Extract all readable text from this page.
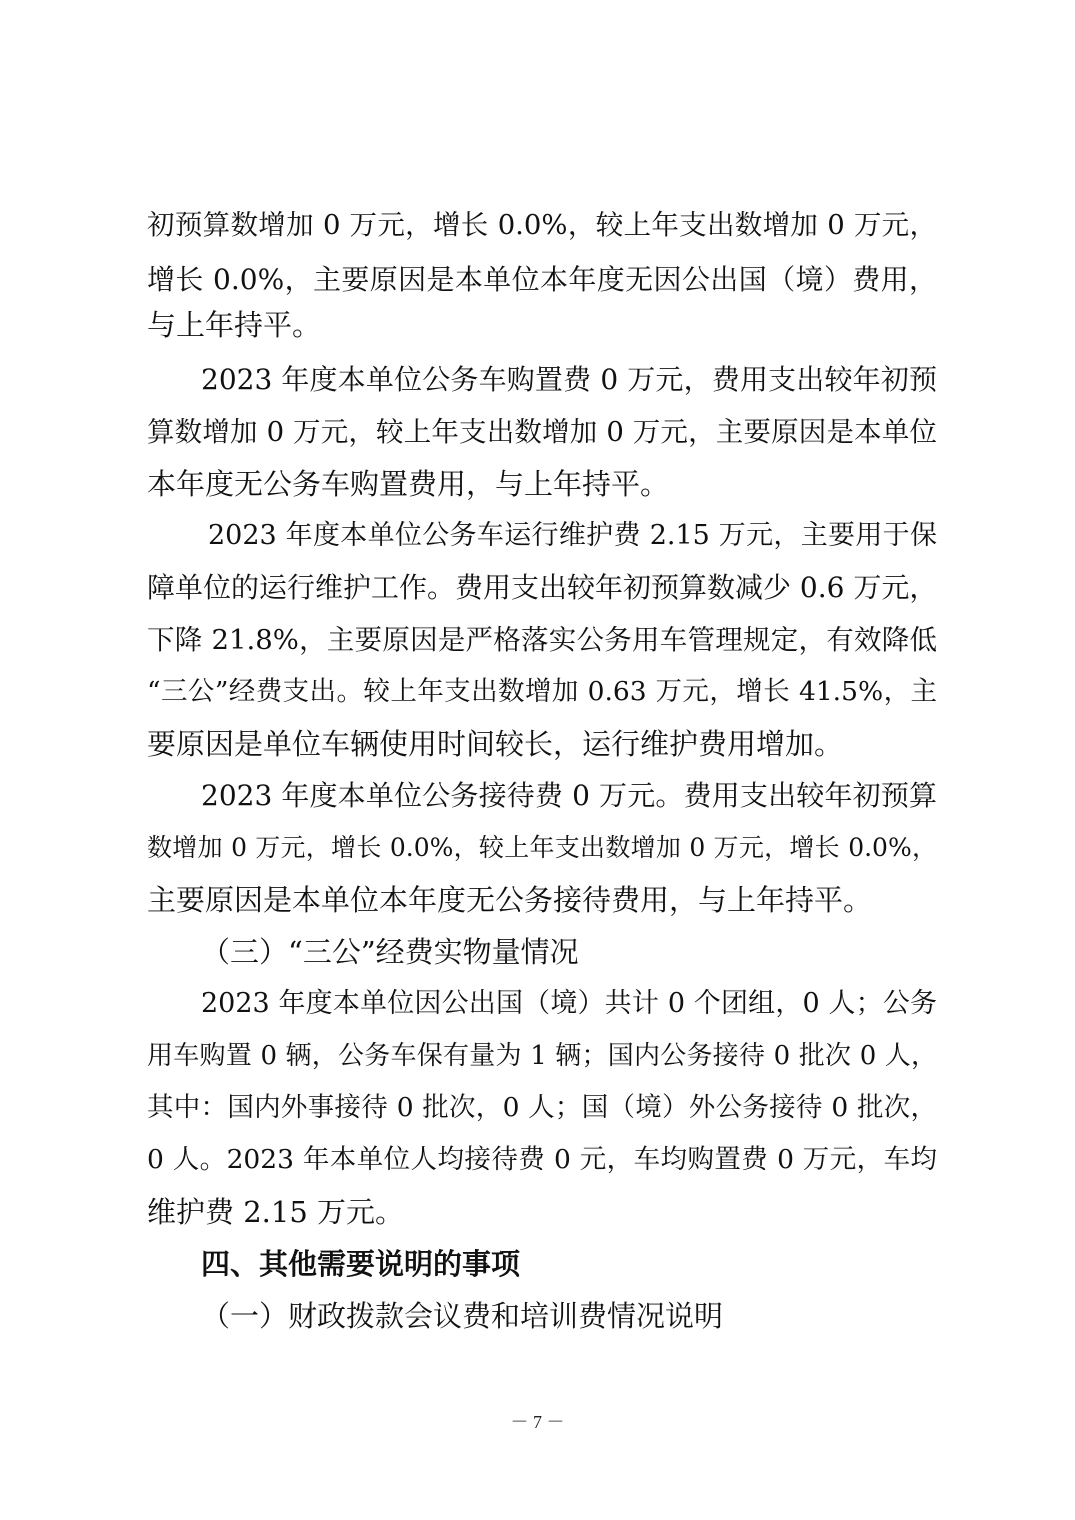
初预算数增加 0 万元，增长 0.0%，较上年支出数增加 0 万元，
增长 0.0%，主要原因是本单位本年度无因公出国（境）费用，
与上年持平。
2023 年度本单位公务车购置费 0 万元，费用支出较年初预
算数增加 0 万元，较上年支出数增加 0 万元，主要原因是本单位
本年度无公务车购置费用，与上年持平。
2023 年度本单位公务车运行维护费 2.15 万元，主要用于保
障单位的运行维护工作。费用支出较年初预算数减少 0.6 万元，
下降 21.8%，主要原因是严格落实公务用车管理规定，有效降低
“三公”经费支出。较上年支出数增加 0.63 万元，增长 41.5%，主
要原因是单位车辆使用时间较长，运行维护费用增加。
2023 年度本单位公务接待费 0 万元。费用支出较年初预算
数增加 0 万元，增长 0.0%，较上年支出数增加 0 万元，增长 0.0%，
主要原因是本单位本年度无公务接待费用，与上年持平。
（三）“三公”经费实物量情况
2023 年度本单位因公出国（境）共计 0 个团组，0 人；公务
用车购置 0 辆，公务车保有量为 1 辆；国内公务接待 0 批次 0 人，
其中：国内外事接待 0 批次，0 人；国（境）外公务接待 0 批次，
0 人。2023 年本单位人均接待费 0 元，车均购置费 0 万元，车均
维护费 2.15 万元。
四、其他需要说明的事项
（一）财政拨款会议费和培训费情况说明
－ 7 －
